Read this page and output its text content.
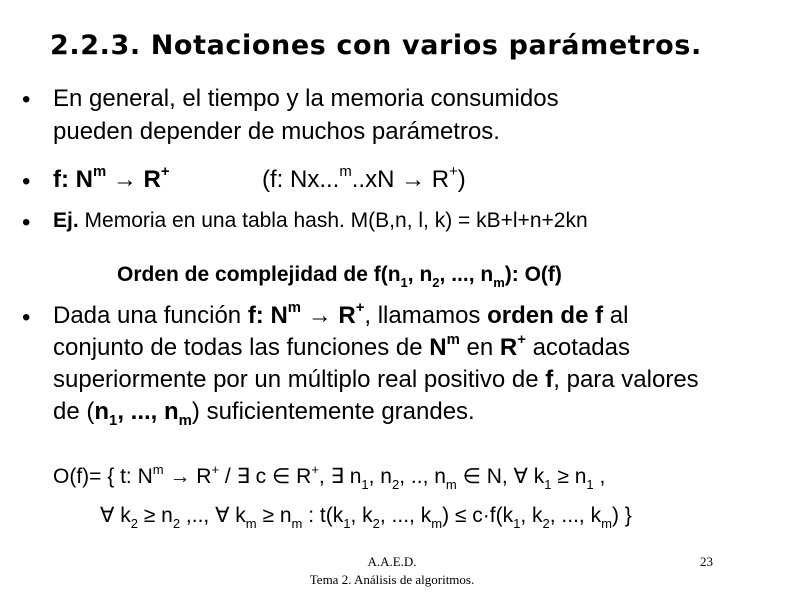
2.2.3. Notaciones con varios parámetros.
• En general, el tiempo y la memoria consumidos
pueden depender de muchos parámetros.
• f: $N^m \to R^+$	(f: Nx...$^m$..xN → R+)
• Ej. Memoria en una tabla hash. M(B,n, l, k) = kB+l+n+2kn
Orden de complejidad de $f(n_1$, $n_2$, ..., $n_m$): O(f)
• Dada una función f: $N^m \to R^+$, llamamos orden de f al
conjunto de todas las funciones de $N^m$ en R+ acotadas
superiormente por un múltiplo real positivo de f, para valores
de ($n_1$, ..., $n_m$) suficientemente grandes.
O(f)= { t: $N^m \to R^+$ / ∃ c ∈ R+, ∃ $n_1$, $n_2$, .., $n_m$ ∈ N, ∀ $k_1 \ge n_1$ ,
∀ $k_2 \ge n_2$ ,.., ∀ $k_m \ge n_m$ : $t(k_1$, $k_2$, ..., $k_m) \le c\cdot f(k_1$, $k_2$, ..., $k_m$) }
A.A.E.D.
Tema 2. Análisis de algoritmos.
23
